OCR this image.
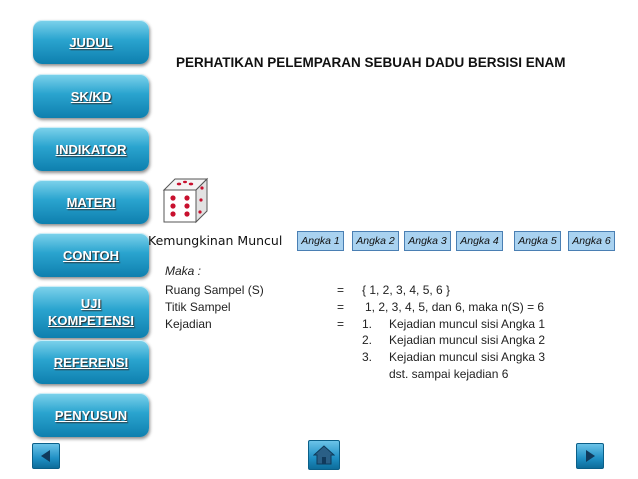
JUDUL
SK/KD
INDIKATOR
MATERI
CONTOH
UJI
KOMPETENSI
REFERENSI
PENYUSUN
PERHATIKAN PELEMPARAN SEBUAH DADU BERSISI ENAM
Kemungkinan Muncul	Angka 1	Angka 2	Angka 3	Angka 4	Angka 5	Angka 6
Maka :
Ruang Sampel (S)	= { 1, 2, 3, 4, 5, 6 }
Titik Sampel	= 1, 2, 3, 4, 5, dan 6, maka n(S) = 6
Kejadian	= 1. Kejadian muncul sisi Angka 1
2. Kejadian muncul sisi Angka 2
3. Kejadian muncul sisi Angka 3
dst. sampai kejadian 6
